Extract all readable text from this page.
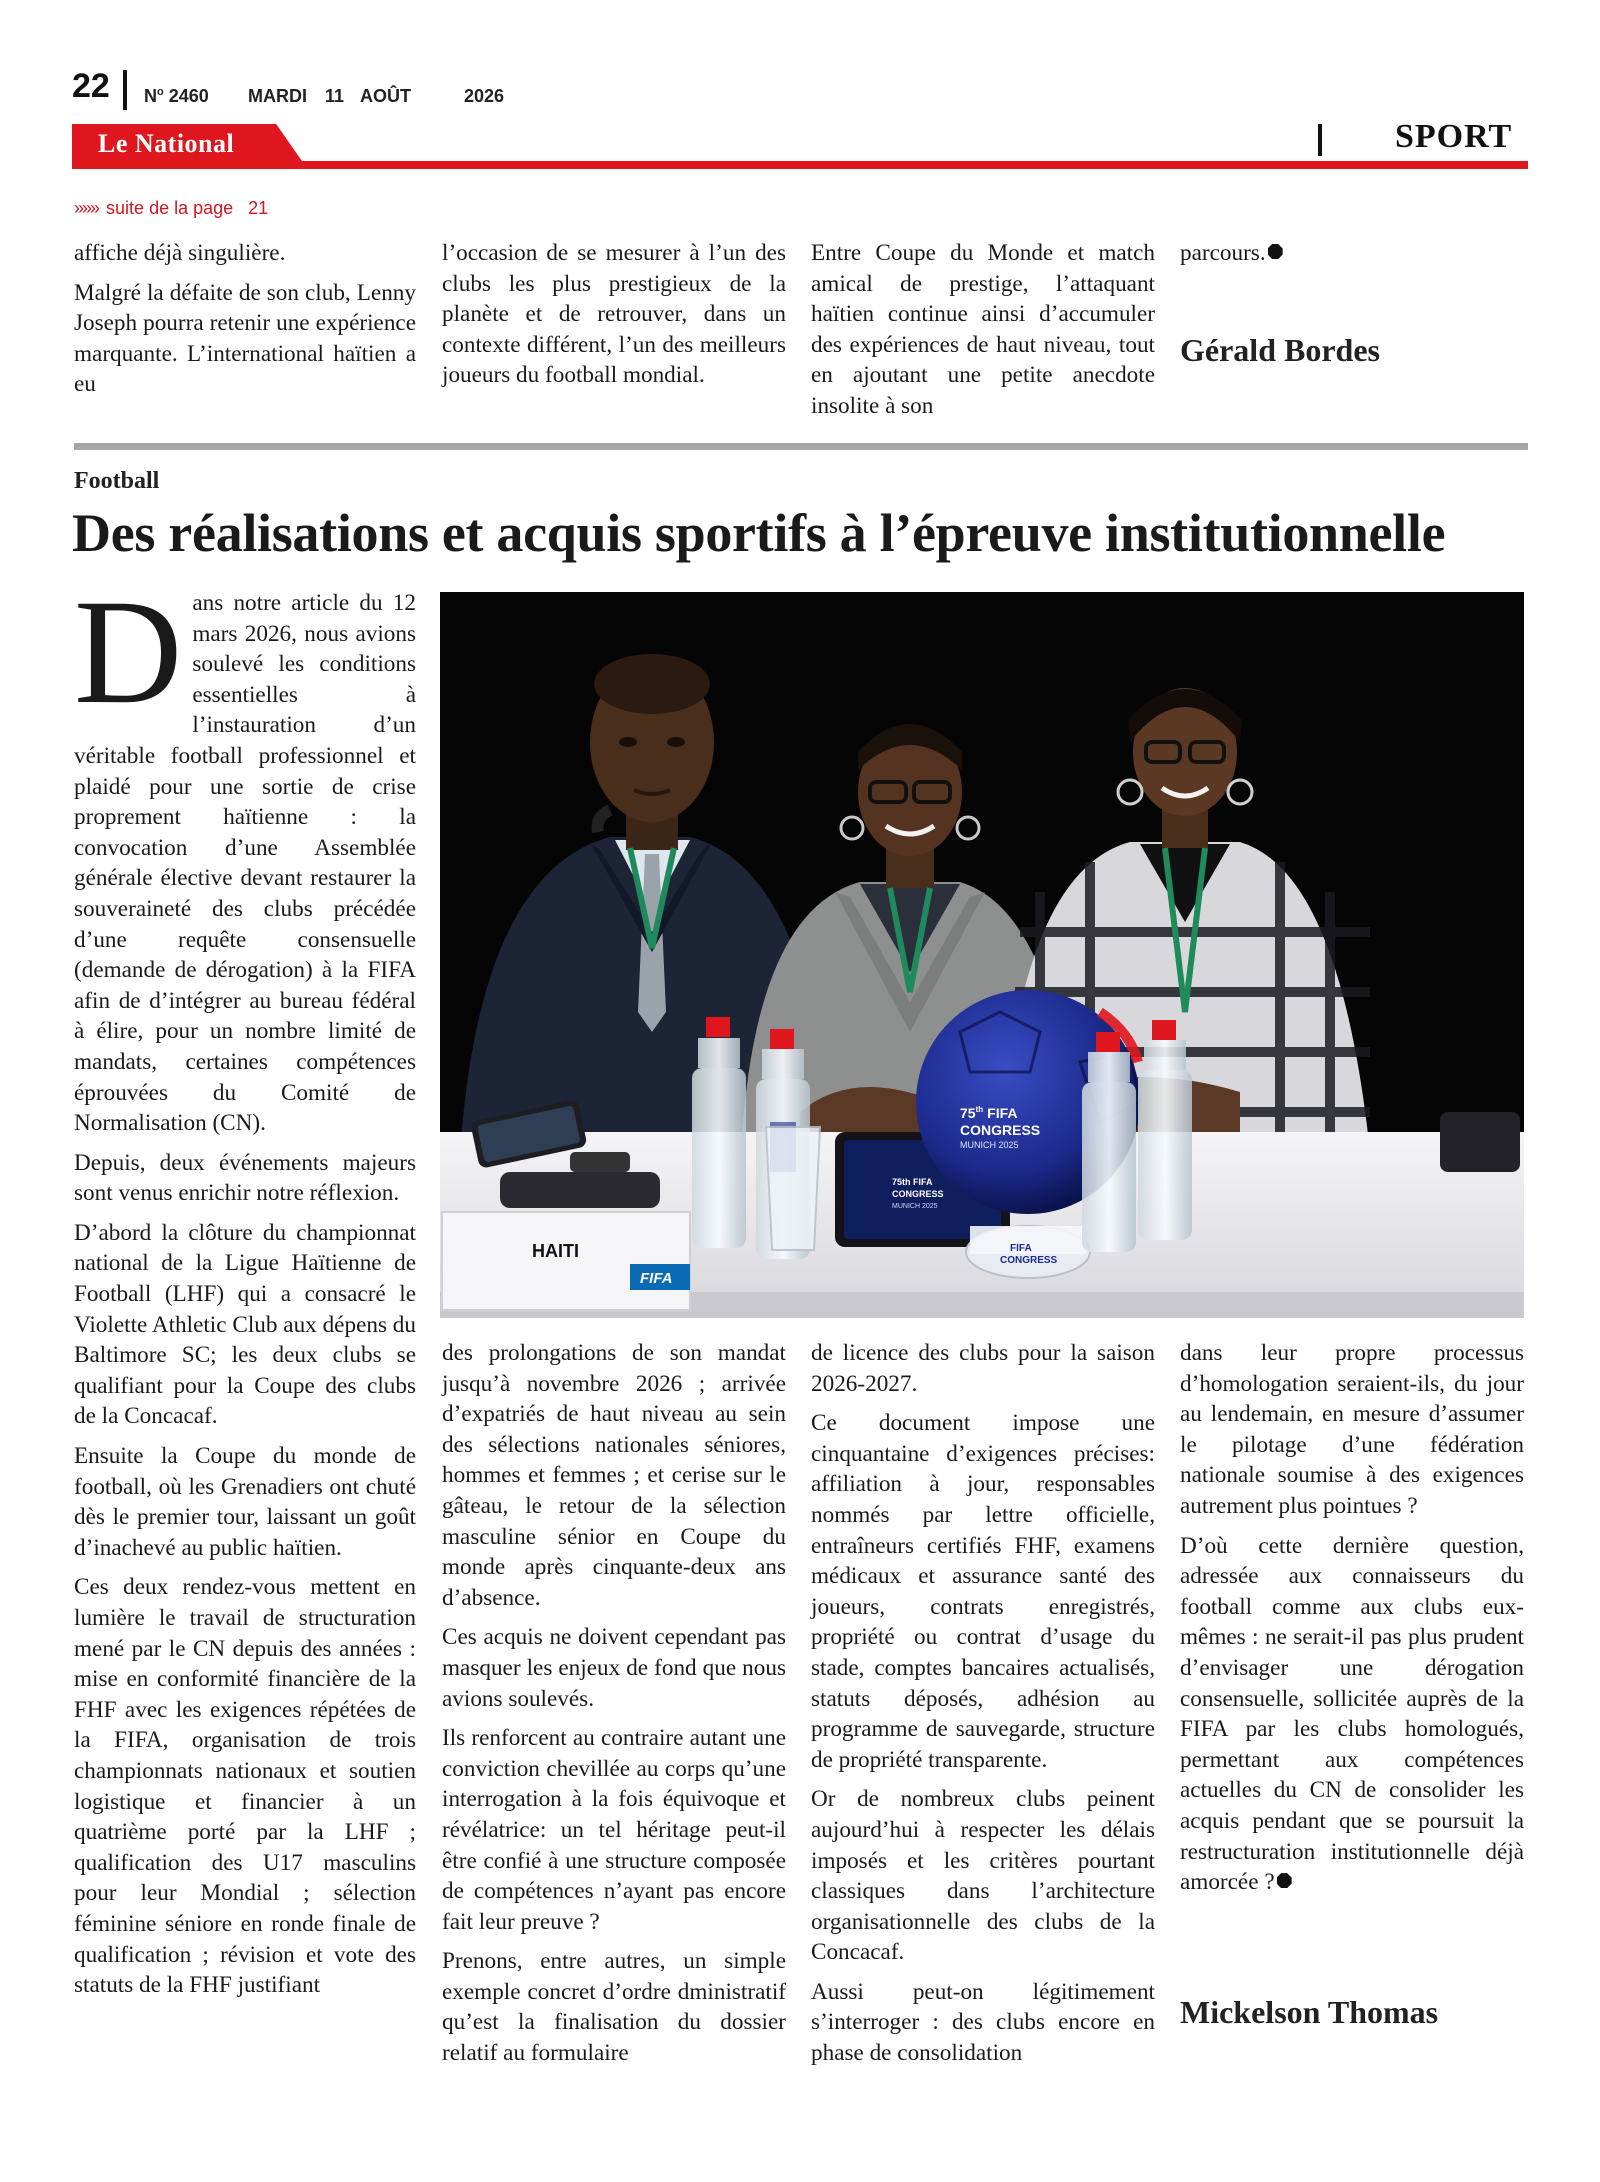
22 $N^o$ 2460 MARDI 11 AOÛT	2026
Le National	SPORT
»»» suite de la page 21

affiche déjà singulière.

Malgré la défaite de son club, Lenny Joseph pourra retenir une expérience marquante. L’international haïtien a eu

l’occasion de se mesurer à l’un des clubs les plus prestigieux de la planète et de retrouver, dans un contexte différent, l’un des meilleurs joueurs du football mondial.

Entre Coupe du Monde et match amical de prestige, l’attaquant haïtien continue ainsi d’accumuler des expériences de haut niveau, tout en ajoutant une petite anecdote insolite à son

parcours.

Gérald Bordes
Football
Des réalisations et acquis sportifs à l’épreuve institutionnelle

Dans notre article du 12 mars 2026, nous avions soulevé les conditions essentielles à l’instauration d’un véritable football professionnel et plaidé pour une sortie de crise proprement haïtienne : la convocation d’une Assemblée générale élective devant restaurer la souveraineté des clubs précédée d’une requête consensuelle (demande de dérogation) à la FIFA afin de d’intégrer au bureau fédéral à élire, pour un nombre limité de mandats, certaines compétences éprouvées du Comité de Normalisation (CN).

Depuis, deux événements majeurs sont venus enrichir notre réflexion.

D’abord la clôture du championnat national de la Ligue Haïtienne de Football (LHF) qui a consacré le Violette Athletic Club aux dépens du Baltimore SC; les deux clubs se qualifiant pour la Coupe des clubs de la Concacaf.

Ensuite la Coupe du monde de football, où les Grenadiers ont chuté dès le premier tour, laissant un goût d’inachevé au public haïtien.

Ces deux rendez-vous mettent en lumière le travail de structuration mené par le CN depuis des années : mise en conformité financière de la FHF avec les exigences répétées de la FIFA, organisation de trois championnats nationaux et soutien logistique et financier à un quatrième porté par la LHF ; qualification des U17 masculins pour leur Mondial ; sélection féminine séniore en ronde finale de qualification ; révision et vote des statuts de la FHF justifiant

des prolongations de son mandat jusqu’à novembre 2026 ; arrivée d’expatriés de haut niveau au sein des sélections nationales séniores, hommes et femmes ; et cerise sur le gâteau, le retour de la sélection masculine sénior en Coupe du monde après cinquante-deux ans d’absence.

Ces acquis ne doivent cependant pas masquer les enjeux de fond que nous avions soulevés.

Ils renforcent au contraire autant une conviction chevillée au corps qu’une interrogation à la fois équivoque et révélatrice: un tel héritage peut-il être confié à une structure composée de compétences n’ayant pas encore fait leur preuve ?

Prenons, entre autres, un simple exemple concret d’ordre dministratif qu’est la finalisation du dossier relatif au formulaire

de licence des clubs pour la saison 2026-2027.

Ce document impose une cinquantaine d’exigences précises: affiliation à jour, responsables nommés par lettre officielle, entraîneurs certifiés FHF, examens médicaux et assurance santé des joueurs, contrats enregistrés, propriété ou contrat d’usage du stade, comptes bancaires actualisés, statuts déposés, adhésion au programme de sauvegarde, structure de propriété transparente.

Or de nombreux clubs peinent aujourd’hui à respecter les délais imposés et les critères pourtant classiques dans l’architecture organisationnelle des clubs de la Concacaf.

Aussi peut-on légitimement s’interroger : des clubs encore en phase de consolidation

dans leur propre processus d’homologation seraient-ils, du jour au lendemain, en mesure d’assumer le pilotage d’une fédération nationale soumise à des exigences autrement plus pointues ?

D’où cette dernière question, adressée aux connaisseurs du football comme aux clubs eux-mêmes : ne serait-il pas plus prudent d’envisager une dérogation consensuelle, sollicitée auprès de la FIFA par les clubs homologués, permettant aux compétences actuelles du CN de consolider les acquis pendant que se poursuit la restructuration institutionnelle déjà amorcée ?

Mickelson Thomas
HAITI
FIFA
75th FIFA
CONGRESS
MUNICH 2025
75th FIFA
CONGRESS
MUNICH 2025
FIFA
CONGRESS
